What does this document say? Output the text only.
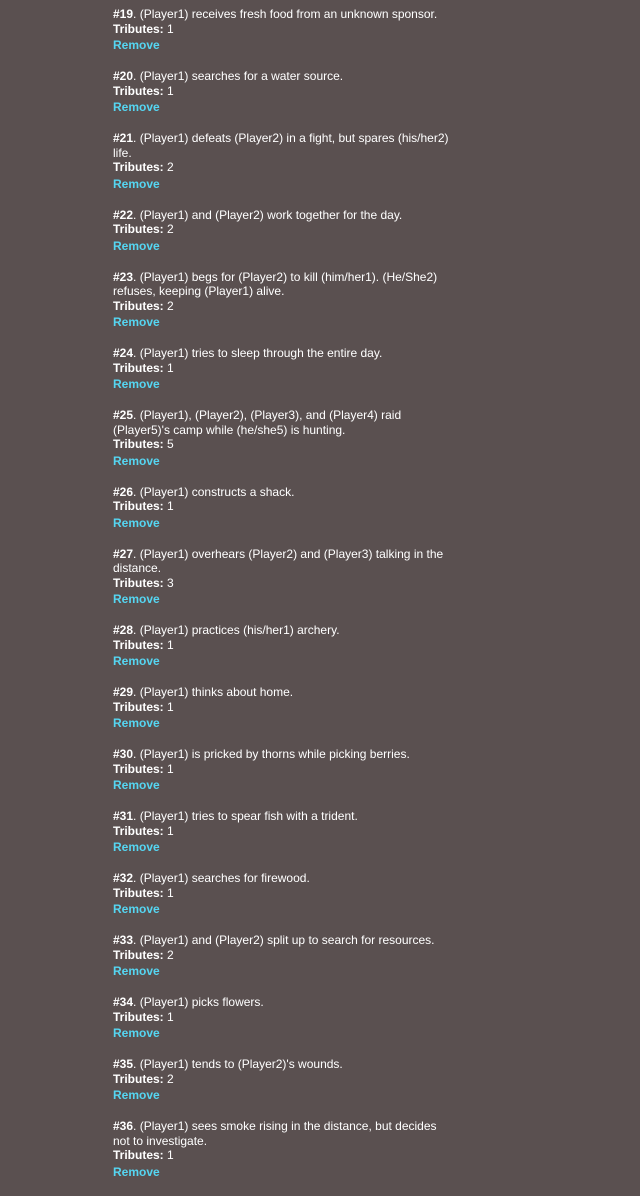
#19. (Player1) receives fresh food from an unknown sponsor.
Tributes: 1
Remove
#20. (Player1) searches for a water source.
Tributes: 1
Remove
#21. (Player1) defeats (Player2) in a fight, but spares (his/her2) life.
Tributes: 2
Remove
#22. (Player1) and (Player2) work together for the day.
Tributes: 2
Remove
#23. (Player1) begs for (Player2) to kill (him/her1). (He/She2) refuses, keeping (Player1) alive.
Tributes: 2
Remove
#24. (Player1) tries to sleep through the entire day.
Tributes: 1
Remove
#25. (Player1), (Player2), (Player3), and (Player4) raid (Player5)'s camp while (he/she5) is hunting.
Tributes: 5
Remove
#26. (Player1) constructs a shack.
Tributes: 1
Remove
#27. (Player1) overhears (Player2) and (Player3) talking in the distance.
Tributes: 3
Remove
#28. (Player1) practices (his/her1) archery.
Tributes: 1
Remove
#29. (Player1) thinks about home.
Tributes: 1
Remove
#30. (Player1) is pricked by thorns while picking berries.
Tributes: 1
Remove
#31. (Player1) tries to spear fish with a trident.
Tributes: 1
Remove
#32. (Player1) searches for firewood.
Tributes: 1
Remove
#33. (Player1) and (Player2) split up to search for resources.
Tributes: 2
Remove
#34. (Player1) picks flowers.
Tributes: 1
Remove
#35. (Player1) tends to (Player2)'s wounds.
Tributes: 2
Remove
#36. (Player1) sees smoke rising in the distance, but decides not to investigate.
Tributes: 1
Remove
